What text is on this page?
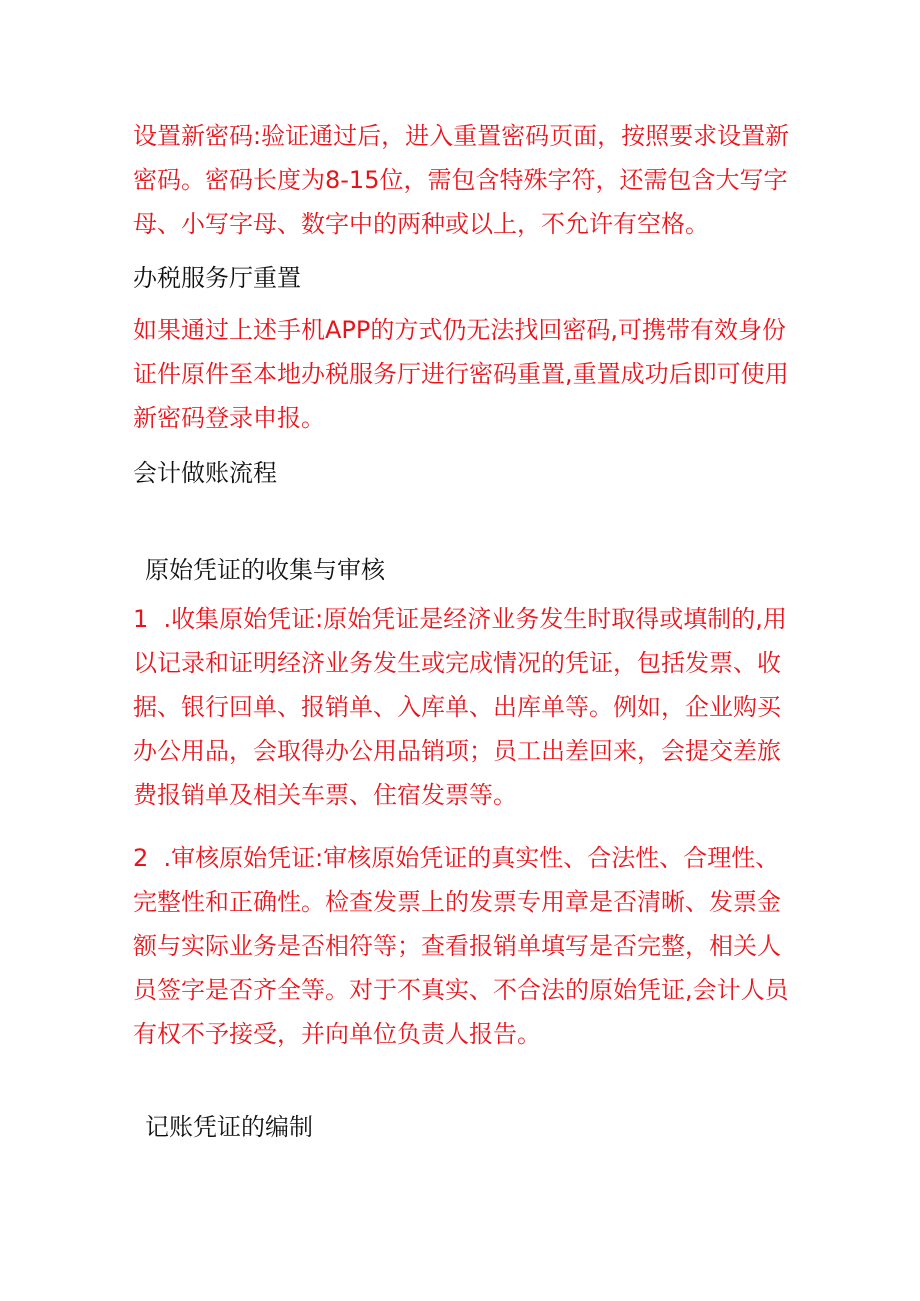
设置新密码:验证通过后，进入重置密码页面，按照要求设置新密码。密码长度为8-15位，需包含特殊字符，还需包含大写字母、小写字母、数字中的两种或以上，不允许有空格。

办税服务厅重置

如果通过上述手机APP的方式仍无法找回密码,可携带有效身份证件原件至本地办税服务厅进行密码重置,重置成功后即可使用新密码登录申报。

会计做账流程

原始凭证的收集与审核

1  .收集原始凭证:原始凭证是经济业务发生时取得或填制的,用以记录和证明经济业务发生或完成情况的凭证，包括发票、收据、银行回单、报销单、入库单、出库单等。例如，企业购买办公用品，会取得办公用品销项；员工出差回来，会提交差旅费报销单及相关车票、住宿发票等。

2  .审核原始凭证:审核原始凭证的真实性、合法性、合理性、完整性和正确性。检查发票上的发票专用章是否清晰、发票金额与实际业务是否相符等；查看报销单填写是否完整，相关人员签字是否齐全等。对于不真实、不合法的原始凭证,会计人员有权不予接受，并向单位负责人报告。

记账凭证的编制
